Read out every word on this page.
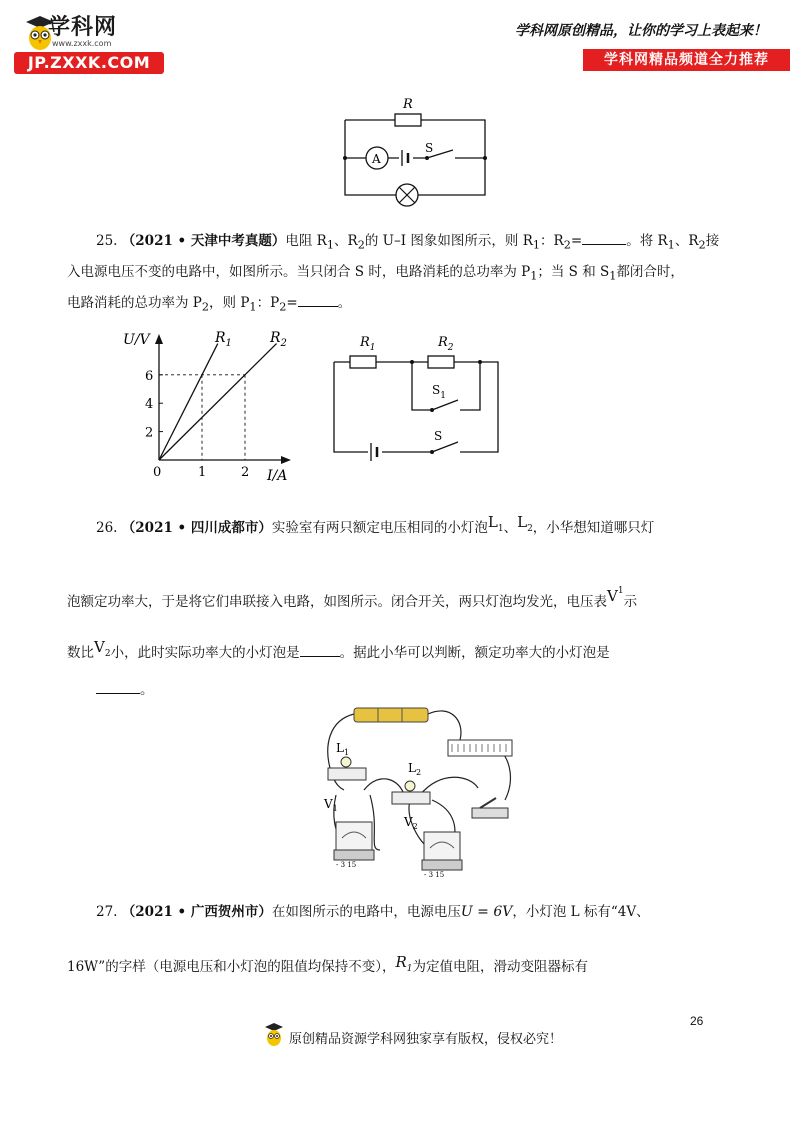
学科网
www.zxxk.com
JP.ZXXK.COM
学科网原创精品，让你的学习上表起来！
学科网精品频道全力推荐
R
A
S
25. （2021 • 天津中考真题）电阻 $R_1$、$R_2$的 U–I 图象如图所示，则 $R_1$：$R_2=$	。将 $R_1$、$R_2$接
入电源电压不变的电路中，如图所示。当只闭合 S 时，电路消耗的总功率为 $P_1$；当 S 和 $S_1$都闭合时，
电路消耗的总功率为 $P_2$，则 $P_1$：$P_2=$	。
U/V
I/A
2
4
6
0	1	2
$R_1$	$R_2$	$R_1$	$R_2$
$S_1$
S
26. （2021 • 四川成都市）实验室有两只额定电压相同的小灯泡$L_1$、$L_2$，小华想知道哪只灯
泡额定功率大，于是将它们串联接入电路，如图所示。闭合开关，两只灯泡均发光，电压表$V_1$示
数比$V_2$小，此时实际功率大的小灯泡是	。据此小华可以判断，额定功率大的小灯泡是
。
$L_1$
$L_2$
$V_1$
- 3 15
$V_2$
- 3 15
27. （2021 • 广西贺州市）在如图所示的电路中，电源电压U = 6V，小灯泡 L 标有“4V、
16W”的字样（电源电压和小灯泡的阻值均保持不变），$R_1$为定值电阻，滑动变阻器标有
26
原创精品资源学科网独家享有版权，侵权必究！
